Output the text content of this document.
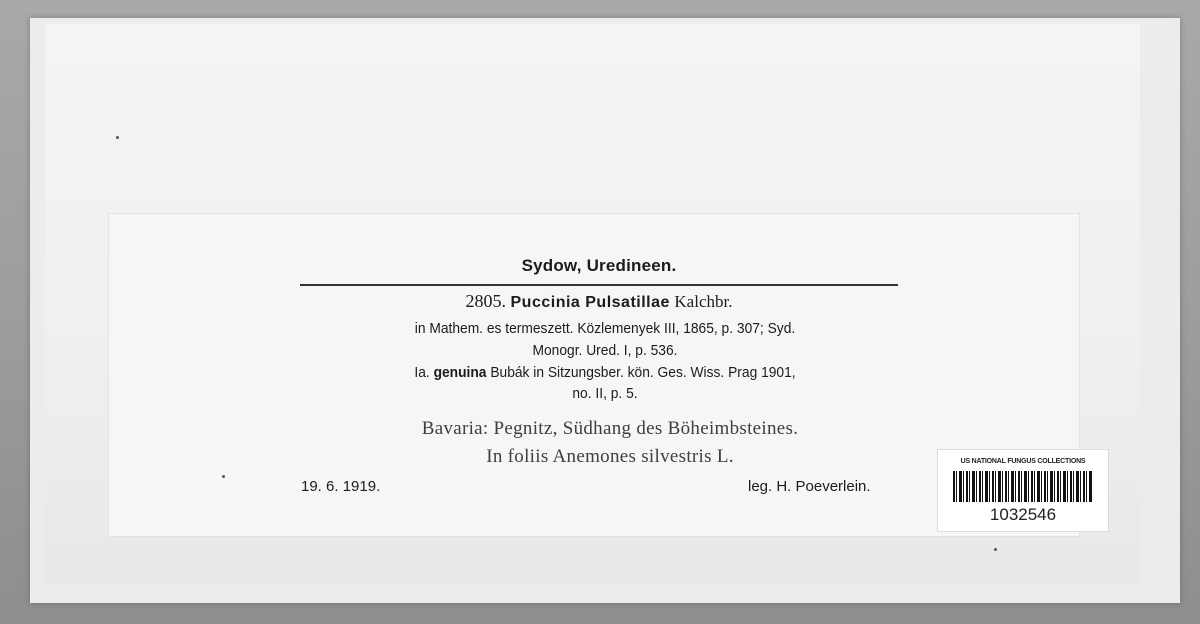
Sydow, Uredineen.
2805. Puccinia Pulsatillae Kalchbr.
in Mathem. es termeszett. Közlemenyek III, 1865, p. 307; Syd.
Monogr. Ured. I, p. 536.
Ia. genuina Bubák in Sitzungsber. kön. Ges. Wiss. Prag 1901,
no. II, p. 5.
Bavaria: Pegnitz, Südhang des Böheimbsteines.
In foliis Anemones silvestris L.
19. 6. 1919.	leg. H. Poeverlein.
US NATIONAL FUNGUS COLLECTIONS
1032546
